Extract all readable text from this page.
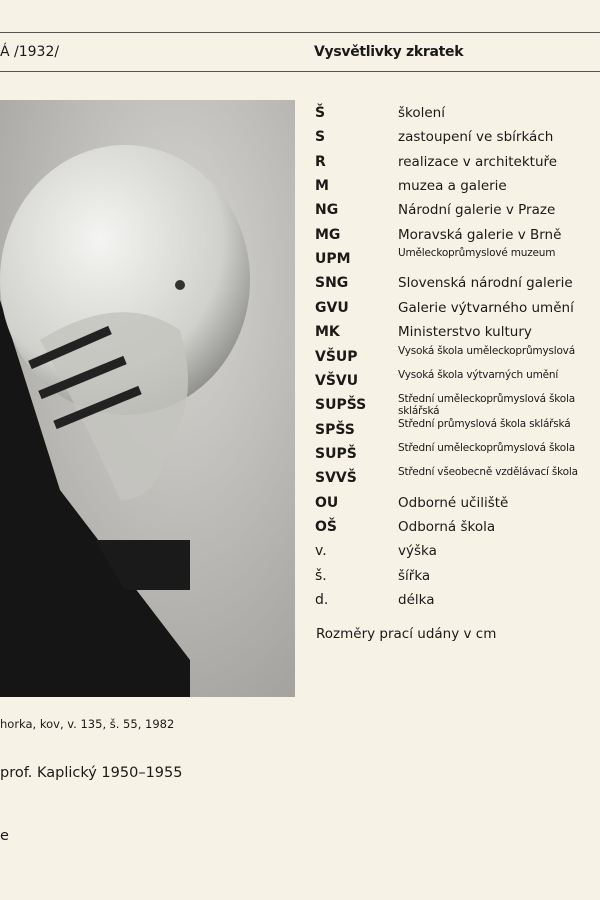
Á /1932/	Vysvětlivky zkratek
Š	školení
S	zastoupení ve sbírkách
R	realizace v architektuře
M	muzea a galerie
NG	Národní galerie v Praze
MG	Moravská galerie v Brně
UPM	Uměleckoprůmyslové muzeum
SNG	Slovenská národní galerie
GVU	Galerie výtvarného umění
MK	Ministerstvo kultury
VŠUP	Vysoká škola uměleckoprůmyslová
VŠVU	Vysoká škola výtvarných umění
SUPŠS	Střední uměleckoprůmyslová škola sklářská
SPŠS	Střední průmyslová škola sklářská
SUPŠ	Střední uměleckoprůmyslová škola
SVVŠ	Střední všeobecně vzdělávací škola
OU	Odborné učiliště
OŠ	Odborná škola
v.	výška
š.	šířka
d.	délka
Rozměry prací udány v cm
horka, kov, v. 135, š. 55, 1982
prof. Kaplický 1950–1955
e
